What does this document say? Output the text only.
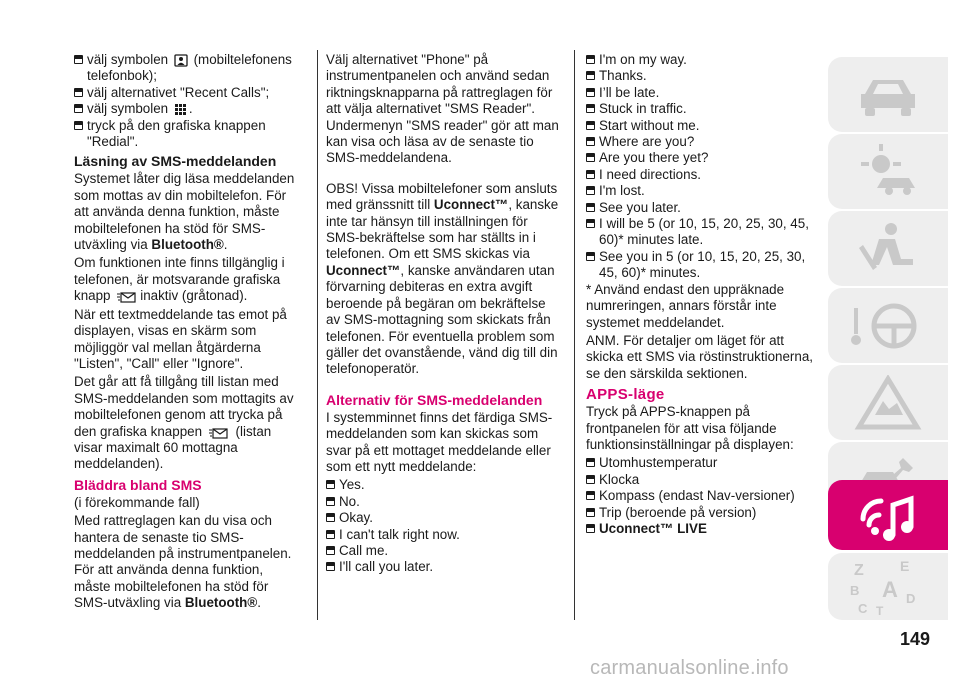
välj symbolen (mobiltelefonens telefonbok);
välj alternativet "Recent Calls";
välj symbolen .
tryck på den grafiska knappen "Redial".
Läsning av SMS-meddelanden

Systemet låter dig läsa meddelanden som mottas av din mobiltelefon. För att använda denna funktion, måste mobiltelefonen ha stöd för SMS-utväxling via Bluetooth®.

Om funktionen inte finns tillgänglig i telefonen, är motsvarande grafiska knapp inaktiv (gråtonad).

När ett textmeddelande tas emot på displayen, visas en skärm som möjliggör val mellan åtgärderna "Listen", "Call" eller "Ignore".

Det går att få tillgång till listan med SMS-meddelanden som mottagits av mobiltelefonen genom att trycka på den grafiska knappen (listan visar maximalt 60 mottagna meddelanden).

Bläddra bland SMS

(i förekommande fall)

Med rattreglagen kan du visa och hantera de senaste tio SMS-meddelanden på instrumentpanelen. För att använda denna funktion, måste mobiltelefonen ha stöd för SMS-utväxling via Bluetooth®.

Välj alternativet "Phone" på instrumentpanelen och använd sedan riktningsknapparna på rattreglagen för att välja alternativet "SMS Reader". Undermenyn "SMS reader" gör att man kan visa och läsa av de senaste tio SMS-meddelandena.

OBS! Vissa mobiltelefoner som ansluts med gränssnitt till Uconnect™, kanske inte tar hänsyn till inställningen för SMS-bekräftelse som har ställts in i telefonen. Om ett SMS skickas via Uconnect™, kanske användaren utan förvarning debiteras en extra avgift beroende på begäran om bekräftelse av SMS-mottagning som skickats från telefonen. För eventuella problem som gäller det ovanstående, vänd dig till din telefonoperatör.

Alternativ för SMS-meddelanden

I systemminnet finns det färdiga SMS-meddelanden som kan skickas som svar på ett mottaget meddelande eller som ett nytt meddelande:

Yes.
No.
Okay.
I can't talk right now.
Call me.
I'll call you later.
I'm on my way.
Thanks.
I’ll be late.
Stuck in traffic.
Start without me.
Where are you?
Are you there yet?
I need directions.
I'm lost.
See you later.
I will be 5 (or 10, 15, 20, 25, 30, 45, 60)* minutes late.
See you in 5 (or 10, 15, 20, 25, 30, 45, 60)* minutes.

* Använd endast den uppräknade numreringen, annars förstår inte systemet meddelandet.

ANM. För detaljer om läget för att skicka ett SMS via röstinstruktionerna, se den särskilda sektionen.

APPS-läge

Tryck på APPS-knappen på frontpanelen för att visa följande funktionsinställningar på displayen:

Utomhustemperatur
Klocka
Kompass (endast Nav-versioner)
Trip (beroende på version)
Uconnect™ LIVE
Z	E
B A
C T
D
149
carmanualsonline.info
